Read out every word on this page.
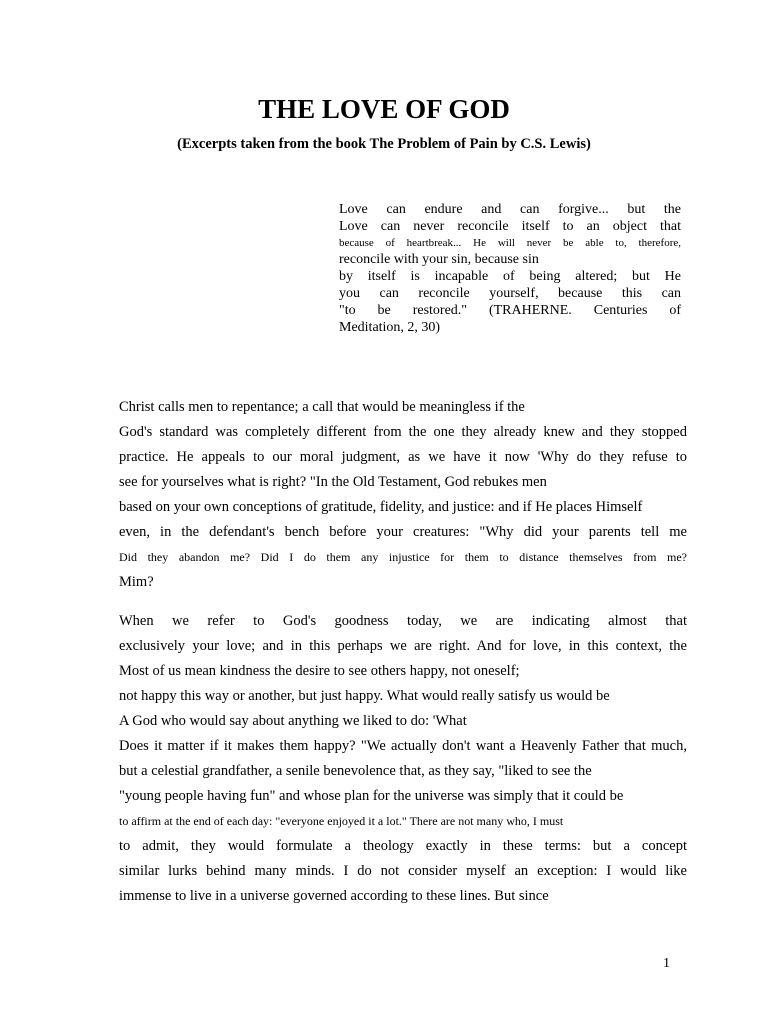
THE LOVE OF GOD
(Excerpts taken from the book The Problem of Pain by C.S. Lewis)
Love can endure and can forgive... but the
Love can never reconcile itself to an object that
because of heartbreak... He will never be able to, therefore,
reconcile with your sin, because sin
by itself is incapable of being altered; but He
you can reconcile yourself, because this can
"to be restored." (TRAHERNE. Centuries of
Meditation, 2, 30)
Christ calls men to repentance; a call that would be meaningless if the
God's standard was completely different from the one they already knew and they stopped
practice. He appeals to our moral judgment, as we have it now 'Why do they refuse to
see for yourselves what is right? "In the Old Testament, God rebukes men
based on your own conceptions of gratitude, fidelity, and justice: and if He places Himself
even, in the defendant's bench before your creatures: "Why did your parents tell me
Did they abandon me? Did I do them any injustice for them to distance themselves from me?
Mim?
When we refer to God's goodness today, we are indicating almost that
exclusively your love; and in this perhaps we are right. And for love, in this context, the
Most of us mean kindness the desire to see others happy, not oneself;
not happy this way or another, but just happy. What would really satisfy us would be
A God who would say about anything we liked to do: 'What
Does it matter if it makes them happy? "We actually don't want a Heavenly Father that much,
but a celestial grandfather, a senile benevolence that, as they say, "liked to see the
"young people having fun" and whose plan for the universe was simply that it could be
to affirm at the end of each day: "everyone enjoyed it a lot." There are not many who, I must
to admit, they would formulate a theology exactly in these terms: but a concept
similar lurks behind many minds. I do not consider myself an exception: I would like
immense to live in a universe governed according to these lines. But since
1
